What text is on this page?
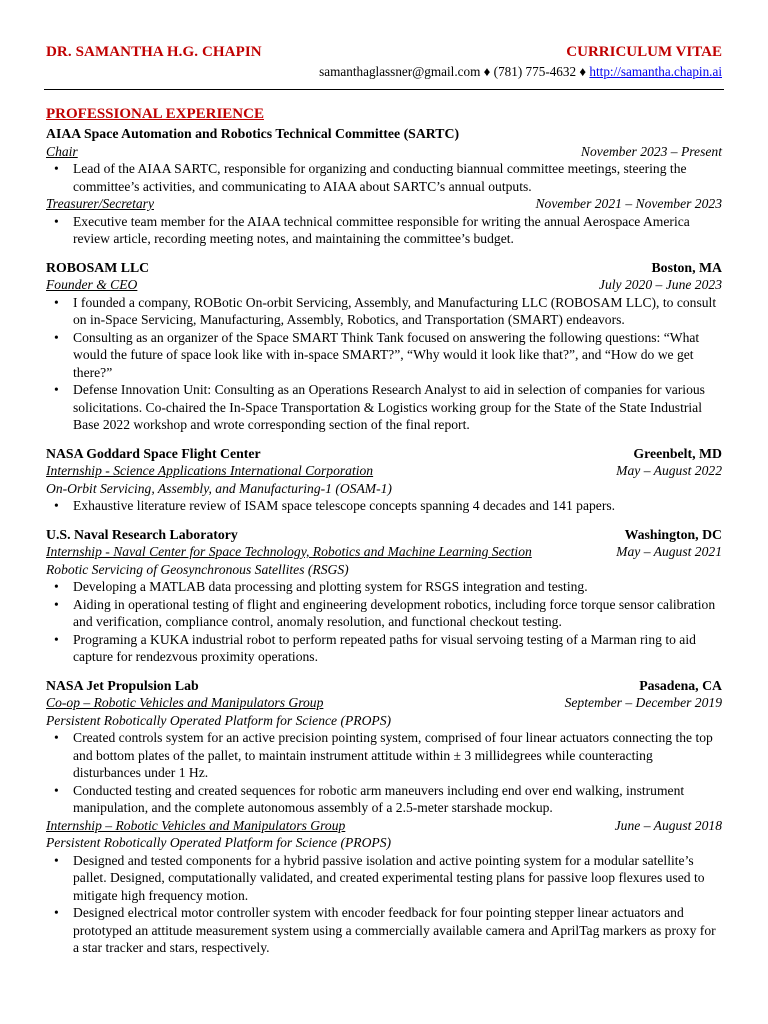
DR. SAMANTHA H.G. CHAPIN	CURRICULUM VITAE
samanthaglassner@gmail.com ♦ (781) 775-4632 ♦ http://samantha.chapin.ai
PROFESSIONAL EXPERIENCE
AIAA Space Automation and Robotics Technical Committee (SARTC)
Chair	November 2023 – Present
• Lead of the AIAA SARTC, responsible for organizing and conducting biannual committee meetings, steering the committee’s activities, and communicating to AIAA about SARTC’s annual outputs.
Treasurer/Secretary	November 2021 – November 2023
• Executive team member for the AIAA technical committee responsible for writing the annual Aerospace America review article, recording meeting notes, and maintaining the committee’s budget.
ROBOSAM LLC	Boston, MA
Founder & CEO	July 2020 – June 2023
• I founded a company, ROBotic On-orbit Servicing, Assembly, and Manufacturing LLC (ROBOSAM LLC), to consult on in-Space Servicing, Manufacturing, Assembly, Robotics, and Transportation (SMART) endeavors.
• Consulting as an organizer of the Space SMART Think Tank focused on answering the following questions: “What would the future of space look like with in-space SMART?”, “Why would it look like that?”, and “How do we get there?”
• Defense Innovation Unit: Consulting as an Operations Research Analyst to aid in selection of companies for various solicitations. Co-chaired the In-Space Transportation & Logistics working group for the State of the State Industrial Base 2022 workshop and wrote corresponding section of the final report.
NASA Goddard Space Flight Center	Greenbelt, MD
Internship - Science Applications International Corporation	May – August 2022
On-Orbit Servicing, Assembly, and Manufacturing-1 (OSAM-1)
• Exhaustive literature review of ISAM space telescope concepts spanning 4 decades and 141 papers.
U.S. Naval Research Laboratory	Washington, DC
Internship - Naval Center for Space Technology, Robotics and Machine Learning Section	May – August 2021
Robotic Servicing of Geosynchronous Satellites (RSGS)
• Developing a MATLAB data processing and plotting system for RSGS integration and testing.
• Aiding in operational testing of flight and engineering development robotics, including force torque sensor calibration and verification, compliance control, anomaly resolution, and functional checkout testing.
• Programing a KUKA industrial robot to perform repeated paths for visual servoing testing of a Marman ring to aid capture for rendezvous proximity operations.
NASA Jet Propulsion Lab	Pasadena, CA
Co-op – Robotic Vehicles and Manipulators Group	September – December 2019
Persistent Robotically Operated Platform for Science (PROPS)
• Created controls system for an active precision pointing system, comprised of four linear actuators connecting the top and bottom plates of the pallet, to maintain instrument attitude within ± 3 millidegrees while counteracting disturbances under 1 Hz.
• Conducted testing and created sequences for robotic arm maneuvers including end over end walking, instrument manipulation, and the complete autonomous assembly of a 2.5-meter starshade mockup.
Internship – Robotic Vehicles and Manipulators Group	June – August 2018
Persistent Robotically Operated Platform for Science (PROPS)
• Designed and tested components for a hybrid passive isolation and active pointing system for a modular satellite’s pallet. Designed, computationally validated, and created experimental testing plans for passive loop flexures used to mitigate high frequency motion.
• Designed electrical motor controller system with encoder feedback for four pointing stepper linear actuators and prototyped an attitude measurement system using a commercially available camera and AprilTag markers as proxy for a star tracker and stars, respectively.
